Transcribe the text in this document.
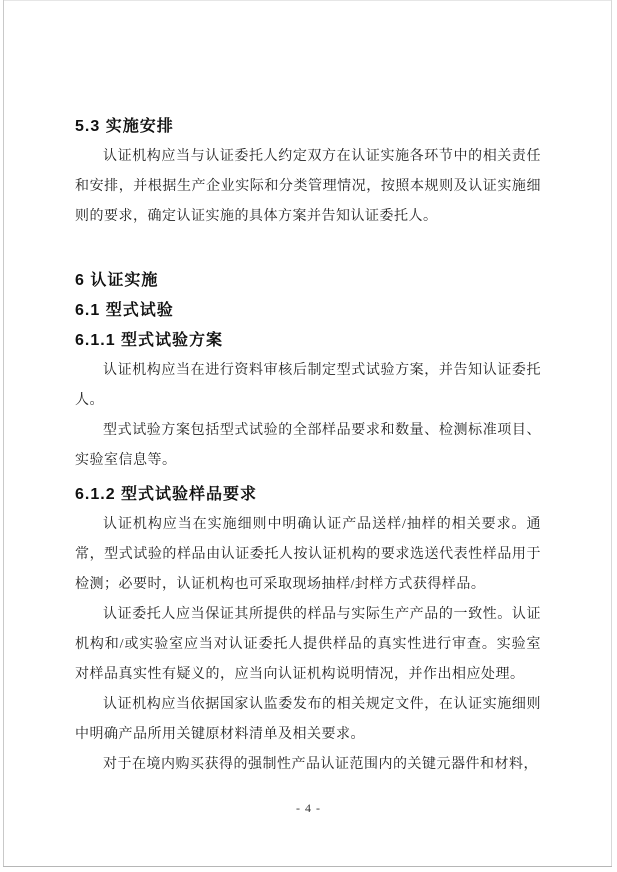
5.3 实施安排

认证机构应当与认证委托人约定双方在认证实施各环节中的相关责任和安排，并根据生产企业实际和分类管理情况，按照本规则及认证实施细则的要求，确定认证实施的具体方案并告知认证委托人。

6 认证实施
6.1 型式试验
6.1.1 型式试验方案

认证机构应当在进行资料审核后制定型式试验方案，并告知认证委托人。

型式试验方案包括型式试验的全部样品要求和数量、检测标准项目、实验室信息等。

6.1.2 型式试验样品要求

认证机构应当在实施细则中明确认证产品送样/抽样的相关要求。通常，型式试验的样品由认证委托人按认证机构的要求选送代表性样品用于检测；必要时，认证机构也可采取现场抽样/封样方式获得样品。

认证委托人应当保证其所提供的样品与实际生产产品的一致性。认证机构和/或实验室应当对认证委托人提供样品的真实性进行审查。实验室对样品真实性有疑义的，应当向认证机构说明情况，并作出相应处理。

认证机构应当依据国家认监委发布的相关规定文件，在认证实施细则中明确产品所用关键原材料清单及相关要求。

对于在境内购买获得的强制性产品认证范围内的关键元器件和材料，

- 4 -
